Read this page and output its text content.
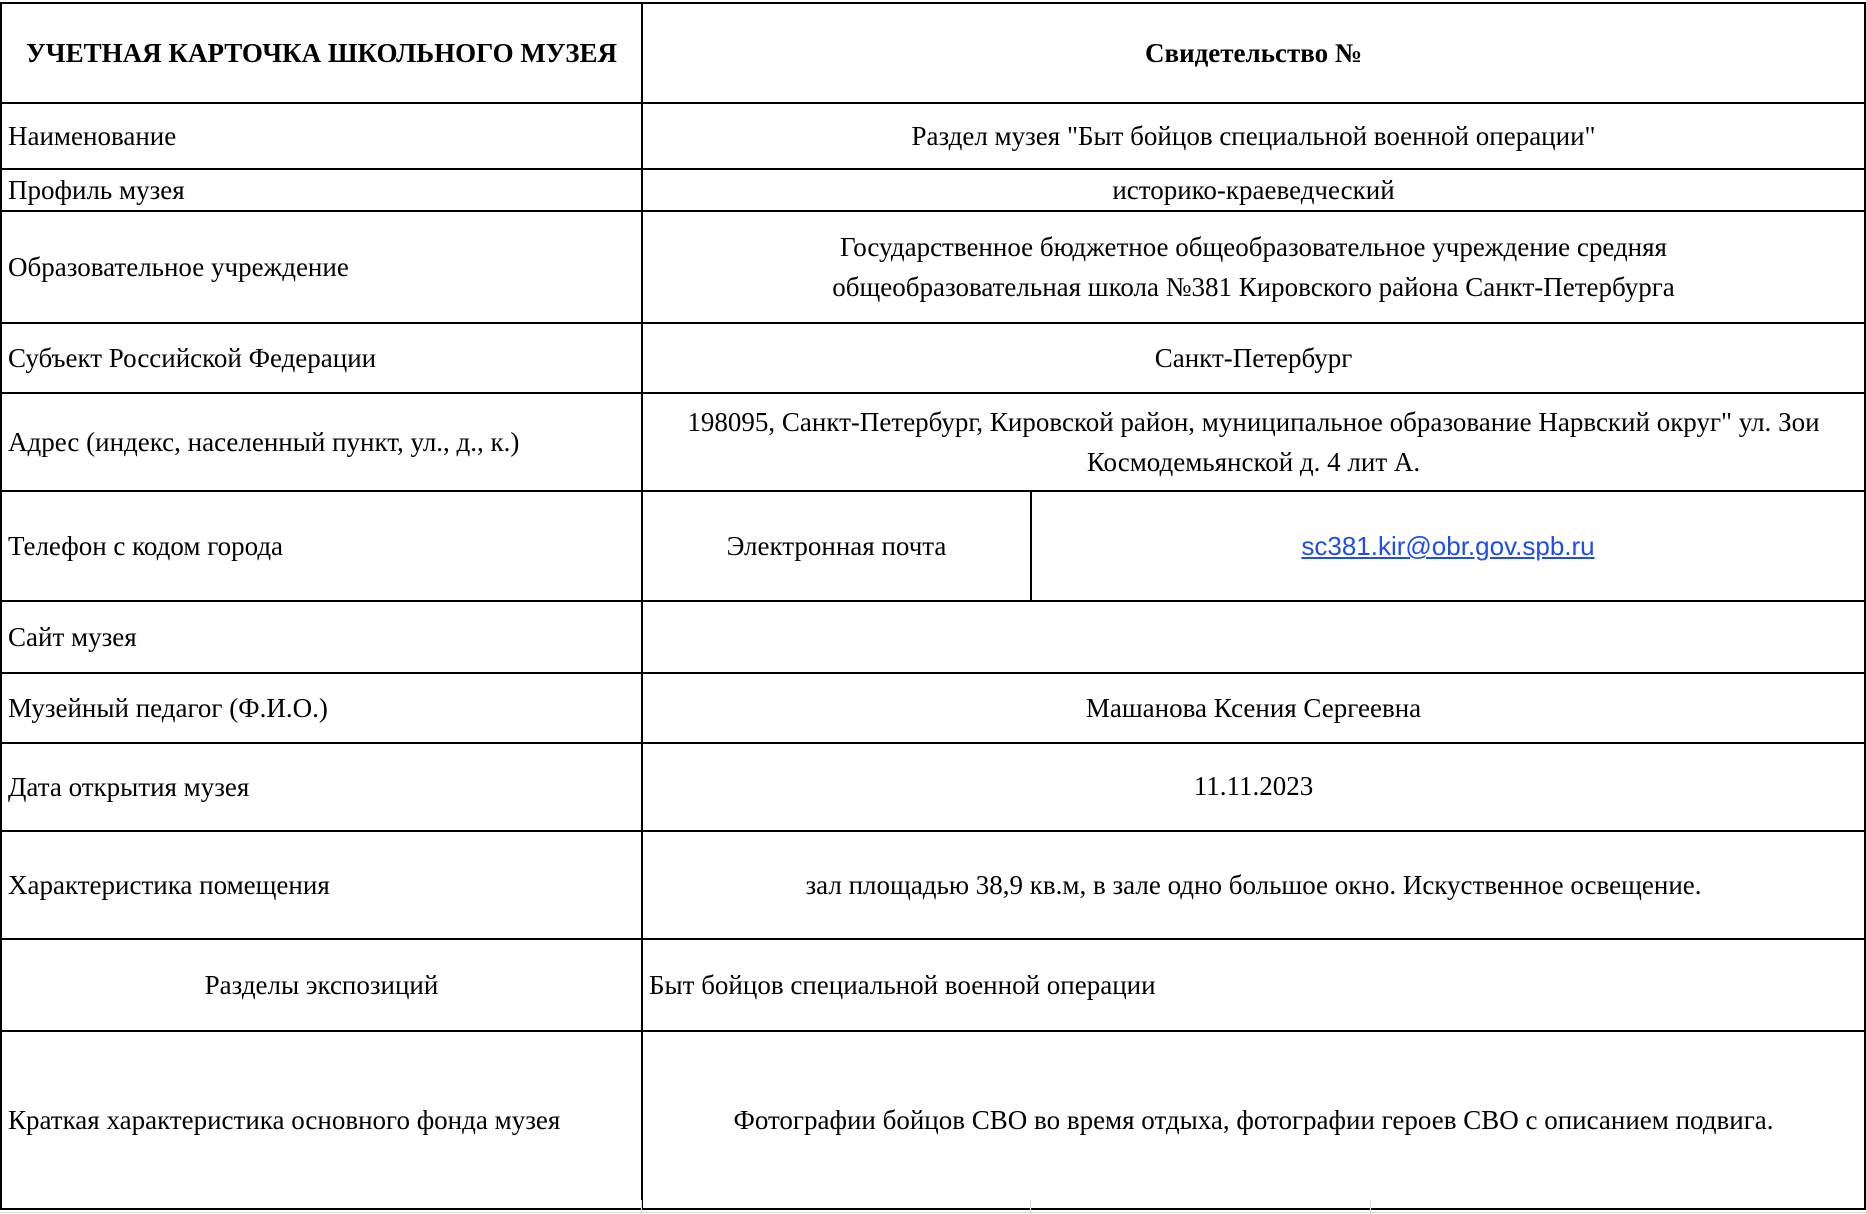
УЧЕТНАЯ КАРТОЧКА ШКОЛЬНОГО МУЗЕЯ	Свидетельство №	
Наименование	Раздел музея "Быт бойцов специальной военной операции"	
Профиль музея	историко-краеведческий	
Образовательное учреждение	Государственное бюджетное общеобразовательное учреждение средняя общеобразовательная школа №381 Кировского района Санкт-Петербурга	
Субъект Российской Федерации	Санкт-Петербург	
Адрес (индекс, населенный пункт, ул., д., к.)	198095, Санкт-Петербург, Кировской район, муниципальное образование Нарвский округ" ул. Зои Космодемьянской д. 4 лит А.	
Телефон с кодом города	Электронная почта	sc381.kir@obr.gov.spb.ru
Сайт музея		
Музейный педагог (Ф.И.О.)	Машанова Ксения Сергеевна	
Дата открытия музея	11.11.2023	
Характеристика помещения	зал площадью 38,9 кв.м, в зале одно большое окно. Искуственное освещение.	
Разделы экспозиций	Быт бойцов специальной военной операции	
Краткая характеристика основного фонда музея	Фотографии бойцов СВО во время отдыха, фотографии героев СВО с описанием подвига.	
